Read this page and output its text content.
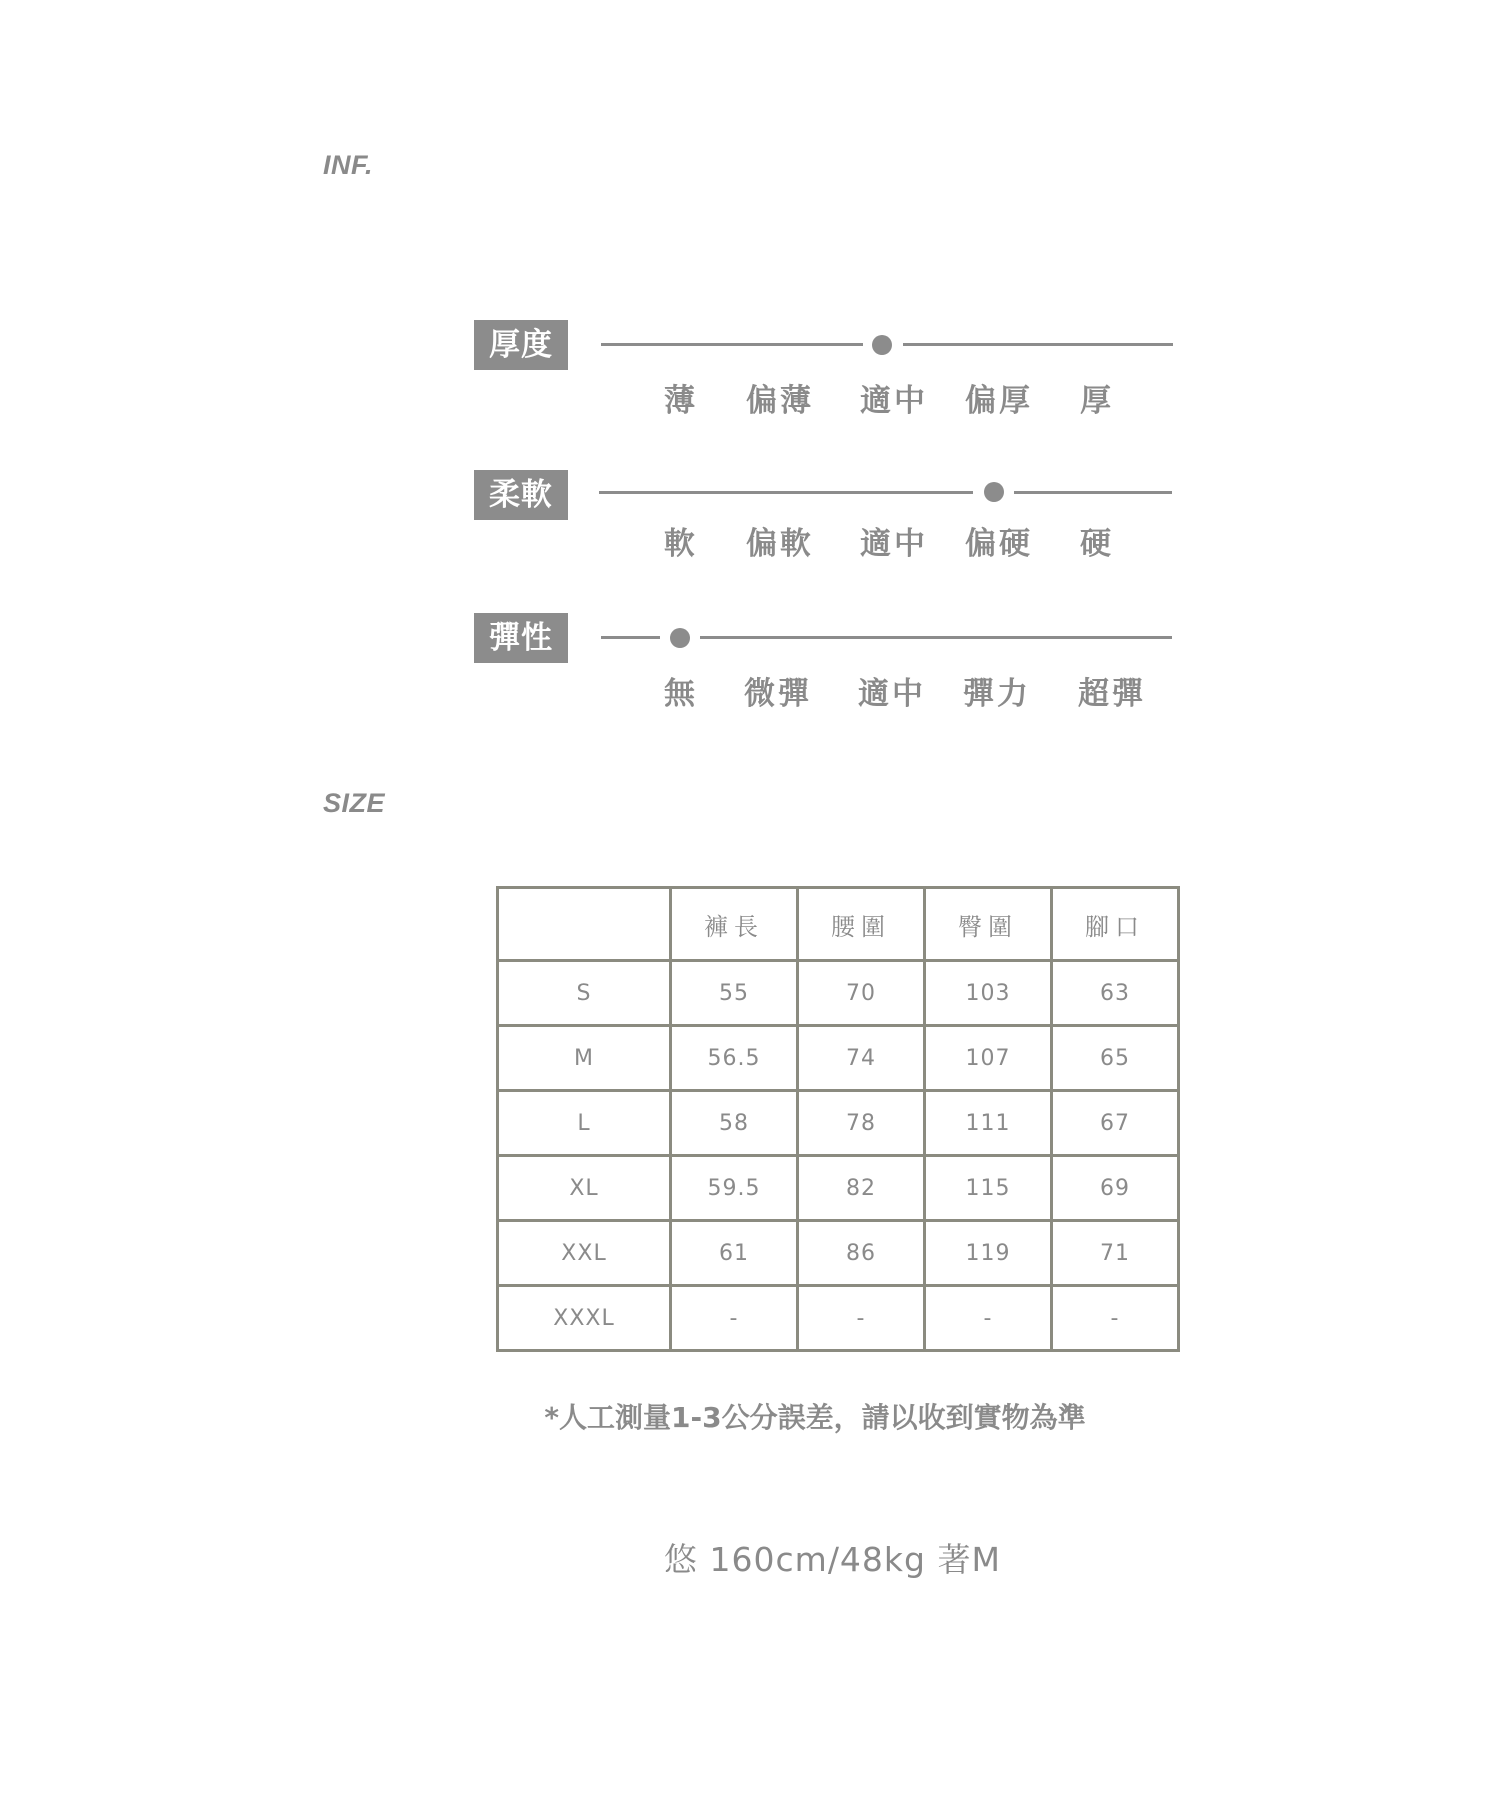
INF.
厚度
薄 偏薄 適中 偏厚 厚
柔軟
軟 偏軟 適中 偏硬 硬
彈性
無 微彈 適中 彈力 超彈
SIZE
	褲長	腰圍	臀圍	腳口
S	55	70	103	63
M	56.5	74	107	65
L	58	78	111	67
XL	59.5	82	115	69
XXL	61	86	119	71
XXXL	-	-	-	-
*人工測量1-3公分誤差，請以收到實物為準
悠 160cm/48kg 著M
